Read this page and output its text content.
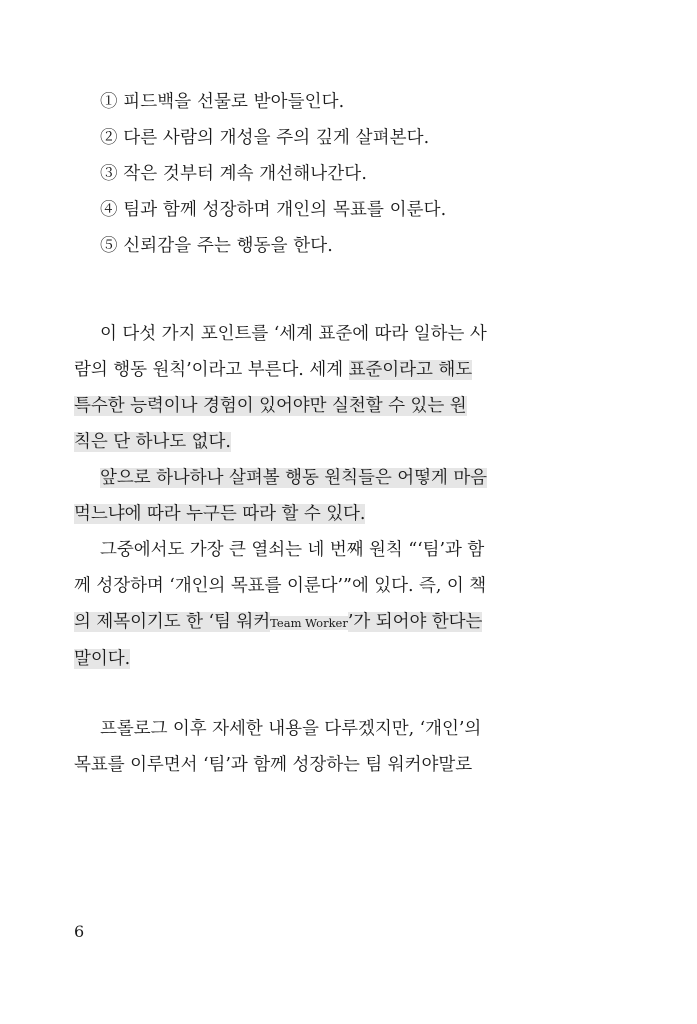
① 피드백을 선물로 받아들인다.
② 다른 사람의 개성을 주의 깊게 살펴본다.
③ 작은 것부터 계속 개선해나간다.
④ 팀과 함께 성장하며 개인의 목표를 이룬다.
⑤ 신뢰감을 주는 행동을 한다.
이 다섯 가지 포인트를 ‘세계 표준에 따라 일하는 사
람의 행동 원칙’이라고 부른다. 세계 표준이라고 해도
특수한 능력이나 경험이 있어야만 실천할 수 있는 원
칙은 단 하나도 없다.
앞으로 하나하나 살펴볼 행동 원칙들은 어떻게 마음
먹느냐에 따라 누구든 따라 할 수 있다.
그중에서도 가장 큰 열쇠는 네 번째 원칙 “‘팀’과 함
께 성장하며 ‘개인의 목표를 이룬다’”에 있다. 즉, 이 책
의 제목이기도 한 ‘팀 워커Team Worker’가 되어야 한다는
말이다.
프롤로그 이후 자세한 내용을 다루겠지만, ‘개인’의
목표를 이루면서 ‘팀’과 함께 성장하는 팀 워커야말로
6
